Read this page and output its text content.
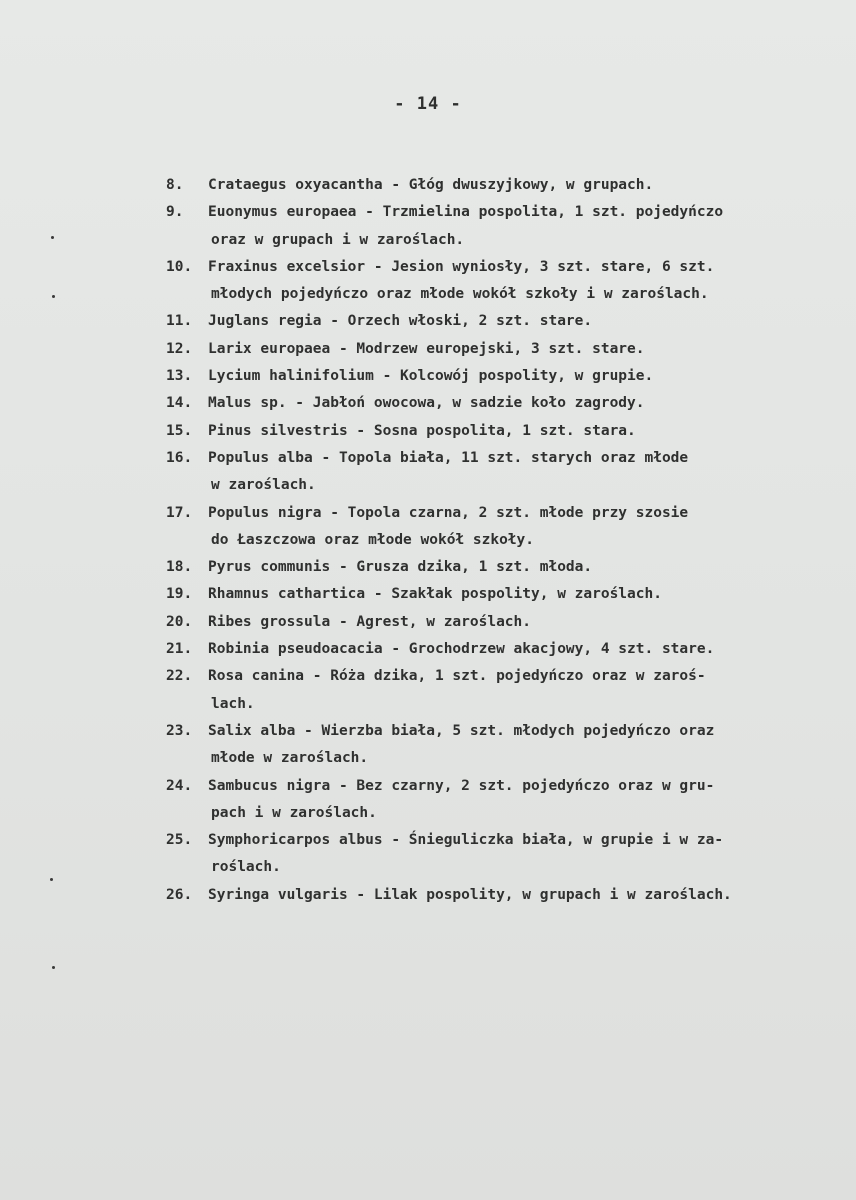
- 14 -
8. Crataegus oxyacantha - Głóg dwuszyjkowy, w grupach.
9. Euonymus europaea - Trzmielina pospolita, 1 szt. pojedyńczo
oraz w grupach i w zaroślach.
10. Fraxinus excelsior - Jesion wyniosły, 3 szt. stare, 6 szt.
młodych pojedyńczo oraz młode wokół szkoły i w zaroślach.
11. Juglans regia - Orzech włoski, 2 szt. stare.
12. Larix europaea - Modrzew europejski, 3 szt. stare.
13. Lycium halinifolium - Kolcowój pospolity, w grupie.
14. Malus sp. - Jabłoń owocowa, w sadzie koło zagrody.
15. Pinus silvestris - Sosna pospolita, 1 szt. stara.
16. Populus alba - Topola biała, 11 szt. starych oraz młode
w zaroślach.
17. Populus nigra - Topola czarna, 2 szt. młode przy szosie
do Łaszczowa oraz młode wokół szkoły.
18. Pyrus communis - Grusza dzika, 1 szt. młoda.
19. Rhamnus cathartica - Szakłak pospolity, w zaroślach.
20. Ribes grossula - Agrest, w zaroślach.
21. Robinia pseudoacacia - Grochodrzew akacjowy, 4 szt. stare.
22. Rosa canina - Róża dzika, 1 szt. pojedyńczo oraz w zaroś-
lach.
23. Salix alba - Wierzba biała, 5 szt. młodych pojedyńczo oraz
młode w zaroślach.
24. Sambucus nigra - Bez czarny, 2 szt. pojedyńczo oraz w gru-
pach i w zaroślach.
25. Symphoricarpos albus - Śnieguliczka biała, w grupie i w za-
roślach.
26. Syringa vulgaris - Lilak pospolity, w grupach i w zaroślach.
